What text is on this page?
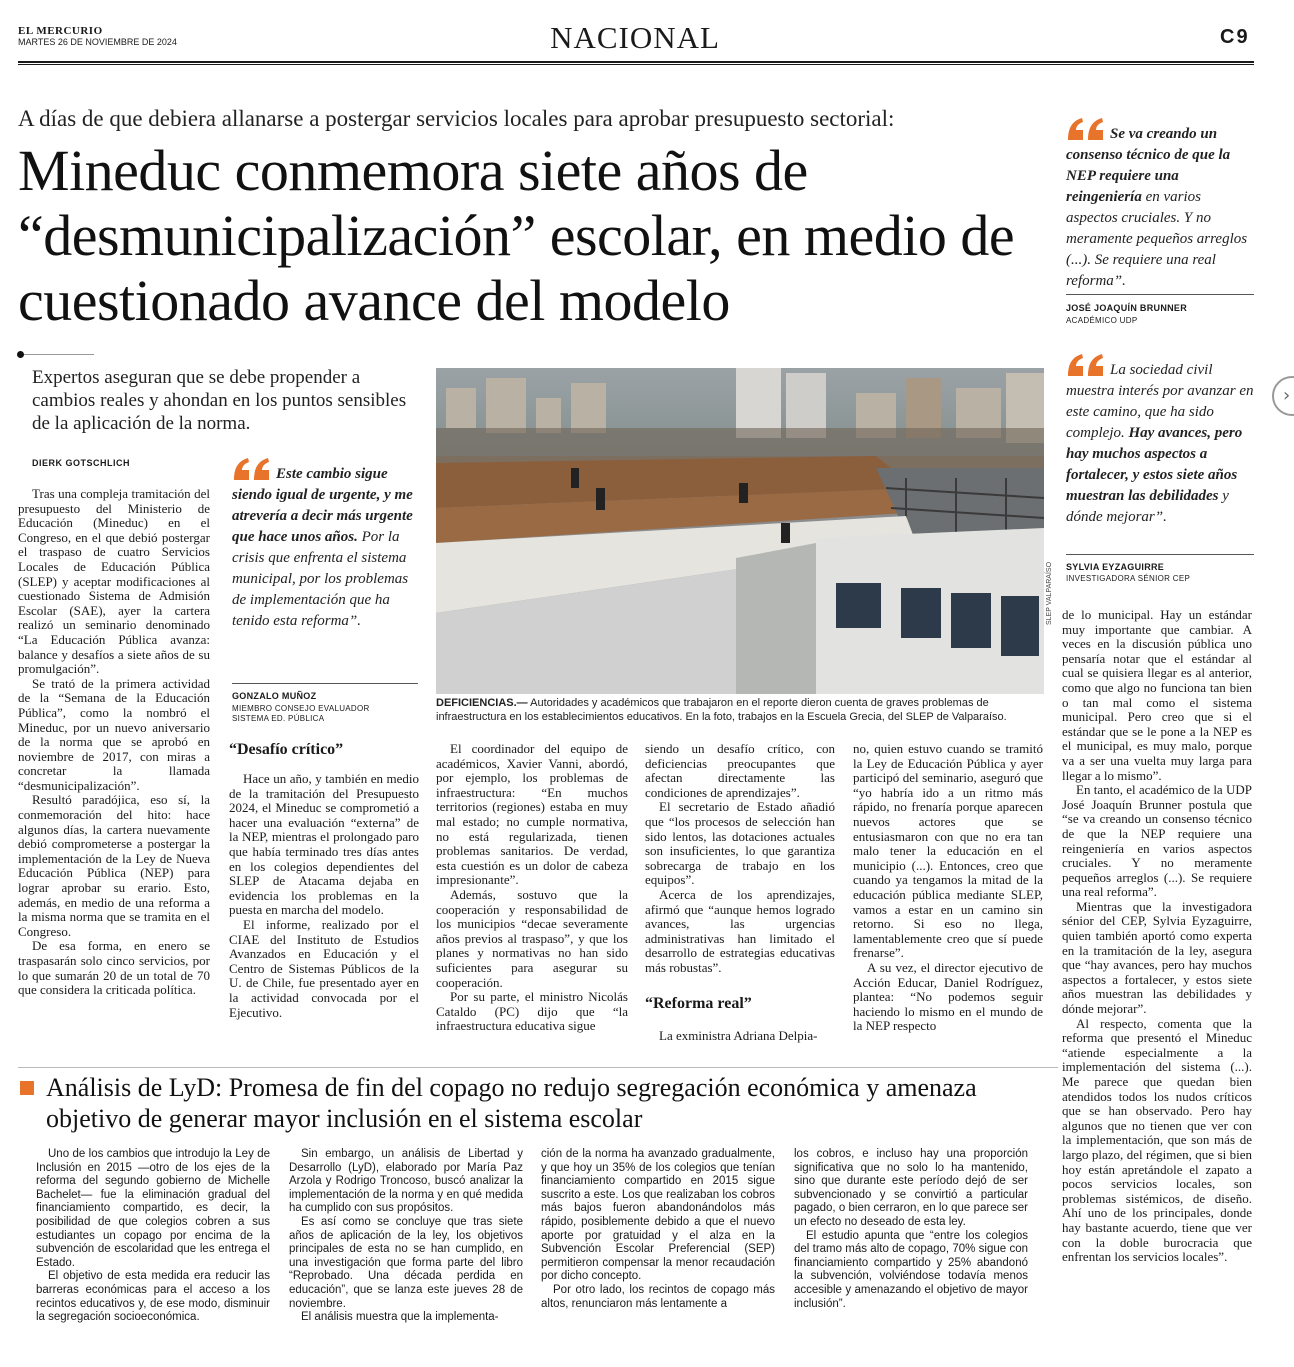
EL MERCURIO
MARTES 26 DE NOVIEMBRE DE 2024	NACIONAL	C9
A días de que debiera allanarse a postergar servicios locales para aprobar presupuesto sectorial:
Mineduc conmemora siete años de “desmunicipalización” escolar, en medio de cuestionado avance del modelo
Expertos aseguran que se debe propender a cambios reales y ahondan en los puntos sensibles de la aplicación de la norma.
DIERK GOTSCHLICH

Tras una compleja tramitación del presupuesto del Ministerio de Educación (Mineduc) en el Congreso, en el que debió postergar el traspaso de cuatro Servicios Locales de Educación Pública (SLEP) y aceptar modificaciones al cuestionado Sistema de Admisión Escolar (SAE), ayer la cartera realizó un seminario denominado “La Educación Pública avanza: balance y desafíos a siete años de su promulgación”.

Se trató de la primera actividad de la “Semana de la Educación Pública”, como la nombró el Mineduc, por un nuevo aniversario de la norma que se aprobó en noviembre de 2017, con miras a concretar la llamada “desmunicipalización”.

Resultó paradójica, eso sí, la conmemoración del hito: hace algunos días, la cartera nuevamente debió comprometerse a postergar la implementación de la Ley de Nueva Educación Pública (NEP) para lograr aprobar su erario. Esto, además, en medio de una reforma a la misma norma que se tramita en el Congreso.

De esa forma, en enero se traspasarán solo cinco servicios, por lo que sumarán 20 de un total de 70 que considera la criticada política.

Este cambio sigue siendo igual de urgente, y me atrevería a decir más urgente que hace unos años. Por la crisis que enfrenta el sistema municipal, por los problemas de implementación que ha tenido esta reforma”.
GONZALO MUÑOZ
MIEMBRO CONSEJO EVALUADOR
SISTEMA ED. PÚBLICA
“Desafío crítico”

Hace un año, y también en medio de la tramitación del Presupuesto 2024, el Mineduc se comprometió a hacer una evaluación “externa” de la NEP, mientras el prolongado paro que había terminado tres días antes en los colegios dependientes del SLEP de Atacama dejaba en evidencia los problemas en la puesta en marcha del modelo.

El informe, realizado por el CIAE del Instituto de Estudios Avanzados en Educación y el Centro de Sistemas Públicos de la U. de Chile, fue presentado ayer en la actividad convocada por el Ejecutivo.

SLEP VALPARAÍSO
DEFICIENCIAS.— Autoridades y académicos que trabajaron en el reporte dieron cuenta de graves problemas de infraestructura en los establecimientos educativos. En la foto, trabajos en la Escuela Grecia, del SLEP de Valparaíso.

El coordinador del equipo de académicos, Xavier Vanni, abordó, por ejemplo, los problemas de infraestructura: “En muchos territorios (regiones) estaba en muy mal estado; no cumple normativa, no está regularizada, tienen problemas sanitarios. De verdad, esta cuestión es un dolor de cabeza impresionante”.

Además, sostuvo que la cooperación y responsabilidad de los municipios “decae severamente años previos al traspaso”, y que los planes y normativas no han sido suficientes para asegurar su cooperación.

Por su parte, el ministro Nicolás Cataldo (PC) dijo que “la infraestructura educativa sigue

siendo un desafío crítico, con deficiencias preocupantes que afectan directamente las condiciones de aprendizajes”.

El secretario de Estado añadió que “los procesos de selección han sido lentos, las dotaciones actuales son insuficientes, lo que garantiza sobrecarga de trabajo en los equipos”.

Acerca de los aprendizajes, afirmó que “aunque hemos logrado avances, las urgencias administrativas han limitado el desarrollo de estrategias educativas más robustas”.

“Reforma real”

La exministra Adriana Delpia-

no, quien estuvo cuando se tramitó la Ley de Educación Pública y ayer participó del seminario, aseguró que “yo habría ido a un ritmo más rápido, no frenaría porque aparecen nuevos actores que se entusiasmaron con que no era tan malo tener la educación en el municipio (...). Entonces, creo que cuando ya tengamos la mitad de la educación pública mediante SLEP, vamos a estar en un camino sin retorno. Si eso no llega, lamentablemente creo que sí puede frenarse”.

A su vez, el director ejecutivo de Acción Educar, Daniel Rodríguez, plantea: “No podemos seguir haciendo lo mismo en el mundo de la NEP respecto

Se va creando un consenso técnico de que la NEP requiere una reingeniería en varios aspectos cruciales. Y no meramente pequeños arreglos (...). Se requiere una real reforma”.
JOSÉ JOAQUÍN BRUNNER
ACADÉMICO UDP
La sociedad civil muestra interés por avanzar en este camino, que ha sido complejo. Hay avances, pero hay muchos aspectos a fortalecer, y estos siete años muestran las debilidades y dónde mejorar”.
SYLVIA EYZAGUIRRE
INVESTIGADORA SÉNIOR CEP

de lo municipal. Hay un estándar muy importante que cambiar. A veces en la discusión pública uno pensaría notar que el estándar al cual se quisiera llegar es al anterior, como que algo no funciona tan bien o tan mal como el sistema municipal. Pero creo que si el estándar que se le pone a la NEP es el municipal, es muy malo, porque va a ser una vuelta muy larga para llegar a lo mismo”.

En tanto, el académico de la UDP José Joaquín Brunner postula que “se va creando un consenso técnico de que la NEP requiere una reingeniería en varios aspectos cruciales. Y no meramente pequeños arreglos (...). Se requiere una real reforma”.

Mientras que la investigadora sénior del CEP, Sylvia Eyzaguirre, quien también aportó como experta en la tramitación de la ley, asegura que “hay avances, pero hay muchos aspectos a fortalecer, y estos siete años muestran las debilidades y dónde mejorar”.

Al respecto, comenta que la reforma que presentó el Mineduc “atiende especialmente a la implementación del sistema (...). Me parece que quedan bien atendidos todos los nudos críticos que se han observado. Pero hay algunos que no tienen que ver con la implementación, que son más de largo plazo, del régimen, que si bien hoy están apretándole el zapato a pocos servicios locales, son problemas sistémicos, de diseño. Ahí uno de los principales, donde hay bastante acuerdo, tiene que ver con la doble burocracia que enfrentan los servicios locales”.

Análisis de LyD: Promesa de fin del copago no redujo segregación económica y amenaza objetivo de generar mayor inclusión en el sistema escolar

Uno de los cambios que introdujo la Ley de Inclusión en 2015 —otro de los ejes de la reforma del segundo gobierno de Michelle Bachelet— fue la eliminación gradual del financiamiento compartido, es decir, la posibilidad de que colegios cobren a sus estudiantes un copago por encima de la subvención de escolaridad que les entrega el Estado.

El objetivo de esta medida era reducir las barreras económicas para el acceso a los recintos educativos y, de ese modo, disminuir la segregación socioeconómica.

Sin embargo, un análisis de Libertad y Desarrollo (LyD), elaborado por María Paz Arzola y Rodrigo Troncoso, buscó analizar la implementación de la norma y en qué medida ha cumplido con sus propósitos.

Es así como se concluye que tras siete años de aplicación de la ley, los objetivos principales de esta no se han cumplido, en una investigación que forma parte del libro “Reprobado. Una década perdida en educación”, que se lanza este jueves 28 de noviembre.

El análisis muestra que la implementa-

ción de la norma ha avanzado gradualmente, y que hoy un 35% de los colegios que tenían financiamiento compartido en 2015 sigue suscrito a este. Los que realizaban los cobros más bajos fueron abandonándolos más rápido, posiblemente debido a que el nuevo aporte por gratuidad y el alza en la Subvención Escolar Preferencial (SEP) permitieron compensar la menor recaudación por dicho concepto.

Por otro lado, los recintos de copago más altos, renunciaron más lentamente a

los cobros, e incluso hay una proporción significativa que no solo lo ha mantenido, sino que durante este período dejó de ser subvencionado y se convirtió a particular pagado, o bien cerraron, en lo que parece ser un efecto no deseado de esta ley.

El estudio apunta que “entre los colegios del tramo más alto de copago, 70% sigue con financiamiento compartido y 25% abandonó la subvención, volviéndose todavía menos accesible y amenazando el objetivo de mayor inclusión”.

›
